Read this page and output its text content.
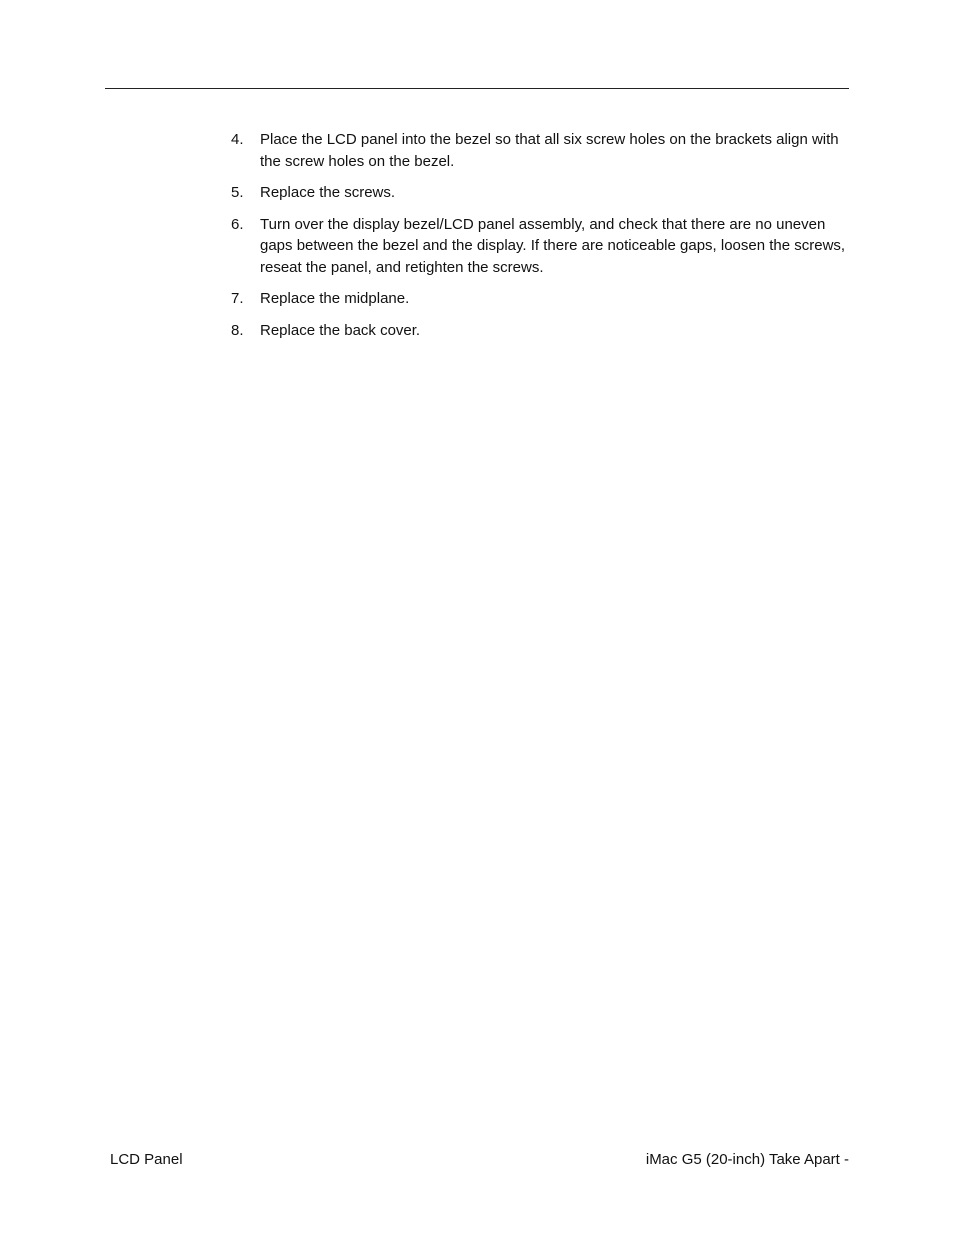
4.	Place the LCD panel into the bezel so that all six screw holes on the brackets align with the screw holes on the bezel.
5.	Replace the screws.
6.	Turn over the display bezel/LCD panel assembly, and check that there are no uneven gaps between the bezel and the display. If there are noticeable gaps, loosen the screws, reseat the panel, and retighten the screws.
7.	Replace the midplane.
8.	Replace the back cover.
LCD Panel	iMac G5 (20-inch) Take Apart -
